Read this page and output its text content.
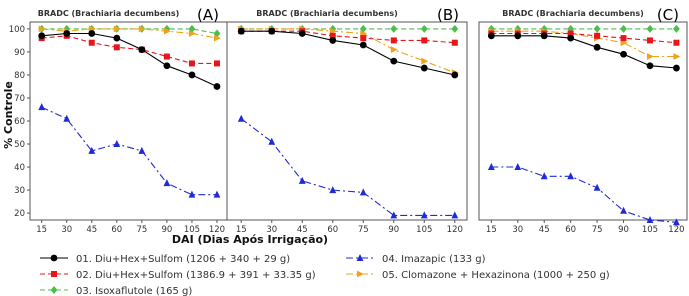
BRADC (Brachiaria decumbens) (A)
15 30 45 60 75 90 105 120
20
30
40
50
60
70
80
90
100
BRADC (Brachiaria decumbens)	(B)
15 30 45 60 75 90 105 120
BRADC (Brachiaria decumbens) (C)
15 30 45 60 75 90 105 120
DAI (Dias Após Irrigação)
% Controle
01. Diu+Hex+Sulfom (1206 + 340 + 29 g)
02. Diu+Hex+Sulfom (1386.9 + 391 + 33.35 g)
03. Isoxaflutole (165 g)
04. Imazapic (133 g)
05. Clomazone + Hexazinona (1000 + 250 g)
